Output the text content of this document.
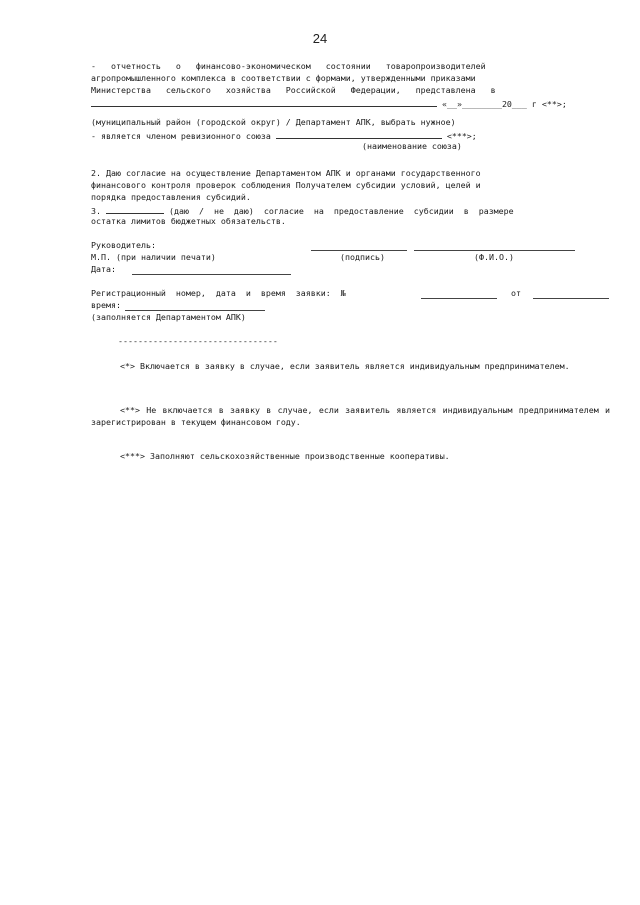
24
-   отчетность   о   финансово-экономическом   состоянии   товаропроизводителей
агропромышленного комплекса в соответствии с формами, утвержденными приказами
Министерства   сельского   хозяйства   Российской   Федерации,   представлена   в
«__»________20___ г <**>;
(муниципальный район (городской округ) / Департамент АПК, выбрать нужное)
- является членом ревизионного союза	<***>;
(наименование союза)
2. Даю согласие на осуществление Департаментом АПК и органами государственного
финансового контроля проверок соблюдения Получателем субсидии условий, целей и
порядка предоставления субсидий.
3.	(даю  /  не  даю)  согласие  на  предоставление  субсидии  в  размере
остатка лимитов бюджетных обязательств.
Руководитель:
М.П. (при наличии печати)	(подпись)	(Ф.И.О.)
Дата:
Регистрационный  номер,  дата  и  время  заявки:  №	от
время:
(заполняется Департаментом АПК)
--------------------------------
<*> Включается в заявку в случае, если заявитель является индивидуальным предпринимателем.
<**> Не включается в заявку в случае, если заявитель является индивидуальным предпринимателем и зарегистрирован в текущем финансовом году.
<***> Заполняют сельскохозяйственные производственные кооперативы.
